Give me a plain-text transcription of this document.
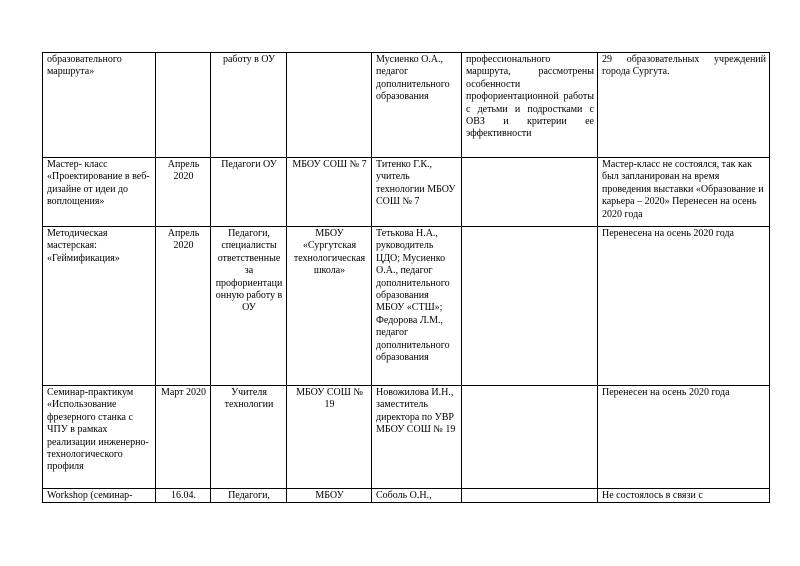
образовательного маршрута»		работу в ОУ		Мусиенко О.А., педагог дополнительного образования	профессионального маршрута, рассмотрены особенности профориентационной работы с детьми и подростками с ОВЗ и критерии ее эффективности	29 образовательных учреждений города Сургута.
Мастер- класс «Проектирование в веб-дизайне от идеи до воплощения»	Апрель 2020	Педагоги ОУ	МБОУ СОШ № 7	Титенко Г.К., учитель технологии МБОУ СОШ № 7		Мастер-класс не состоялся, так как был запланирован на время проведения выставки «Образование и карьера – 2020» Перенесен на осень 2020 года
Методическая мастерская: «Геймификация»	Апрель 2020	Педагоги, специалисты ответственные за профориентационную работу в ОУ	МБОУ «Сургутская технологическая школа»	Тетькова Н.А., руководитель ЦДО; Мусиенко О.А., педагог дополнительного образования МБОУ «СТШ»; Федорова Л.М., педагог дополнительного образования		Перенесена на осень 2020 года
Семинар-практикум «Использование фрезерного станка с ЧПУ в рамках реализации инженерно-технологического профиля	Март 2020	Учителя технологии	МБОУ СОШ № 19	Новожилова И.Н., заместитель директора по УВР МБОУ СОШ № 19		Перенесен на осень 2020 года
Workshop (семинар-	16.04.	Педагоги,	МБОУ	Соболь О.Н.,		Не состоялось в связи с
